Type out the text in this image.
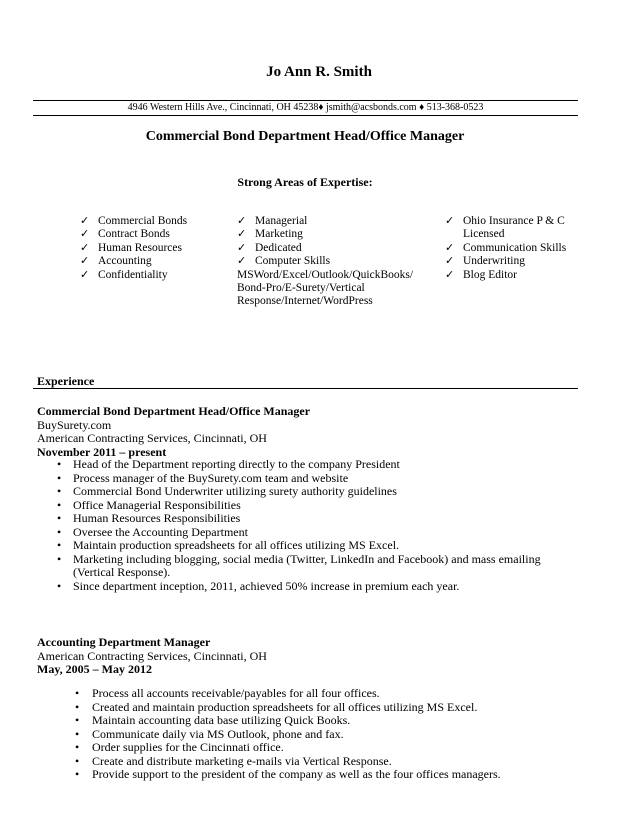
Jo Ann R. Smith
4946 Western Hills Ave., Cincinnati, OH 45238♦ jsmith@acsbonds.com ♦ 513-368-0523
Commercial Bond Department Head/Office Manager
Strong Areas of Expertise:
✓ Commercial Bonds
✓ Contract Bonds
✓ Human Resources
✓ Accounting
✓ Confidentiality
✓ Managerial
✓ Marketing
✓ Dedicated
✓ Computer Skills
MSWord/Excel/Outlook/QuickBooks/ Bond-Pro/E-Surety/Vertical Response/Internet/WordPress
✓ Ohio Insurance P & C Licensed
✓ Communication Skills
✓ Underwriting
✓ Blog Editor
Experience
Commercial Bond Department Head/Office Manager
BuySurety.com
American Contracting Services, Cincinnati, OH
November 2011 – present
• Head of the Department reporting directly to the company President
• Process manager of the BuySurety.com team and website
• Commercial Bond Underwriter utilizing surety authority guidelines
• Office Managerial Responsibilities
• Human Resources Responsibilities
• Oversee the Accounting Department
• Maintain production spreadsheets for all offices utilizing MS Excel.
• Marketing including blogging, social media (Twitter, LinkedIn and Facebook) and mass emailing (Vertical Response).
• Since department inception, 2011, achieved 50% increase in premium each year.
Accounting Department Manager
American Contracting Services, Cincinnati, OH
May, 2005 – May 2012
• Process all accounts receivable/payables for all four offices.
• Created and maintain production spreadsheets for all offices utilizing MS Excel.
• Maintain accounting data base utilizing Quick Books.
• Communicate daily via MS Outlook, phone and fax.
• Order supplies for the Cincinnati office.
• Create and distribute marketing e-mails via Vertical Response.
• Provide support to the president of the company as well as the four offices managers.
